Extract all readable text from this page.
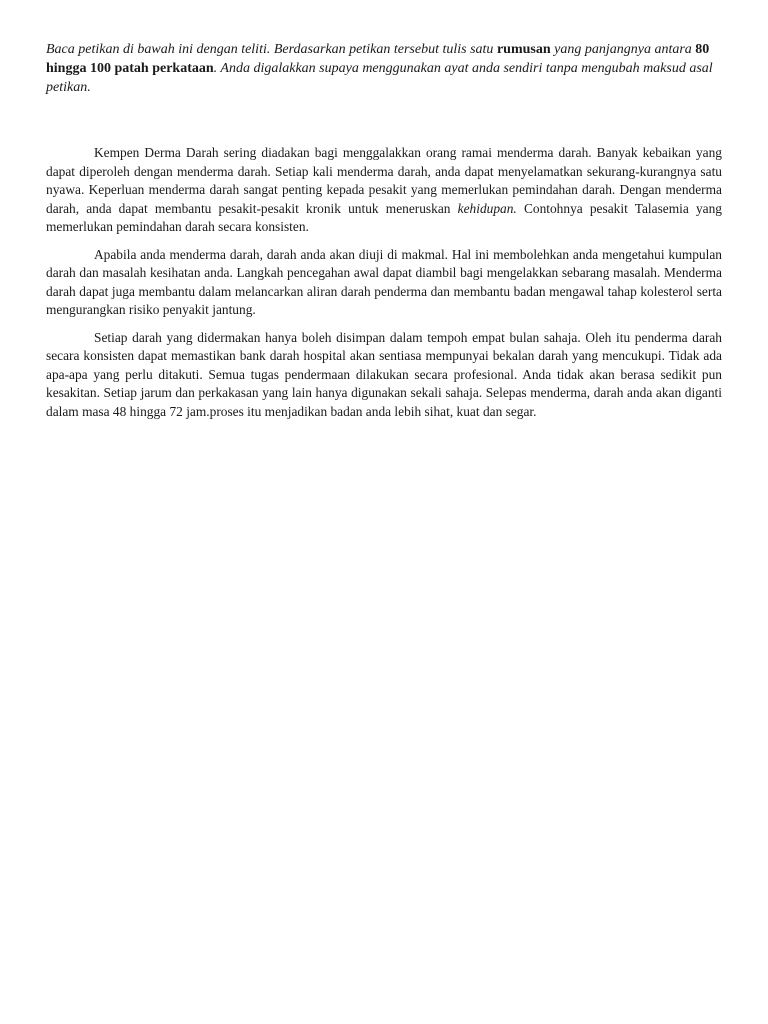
Baca petikan di bawah ini dengan teliti. Berdasarkan petikan tersebut tulis satu rumusan yang panjangnya antara 80 hingga 100 patah perkataan. Anda digalakkan supaya menggunakan ayat anda sendiri tanpa mengubah maksud asal petikan.

Kempen Derma Darah sering diadakan bagi menggalakkan orang ramai menderma darah. Banyak kebaikan yang dapat diperoleh dengan menderma darah. Setiap kali menderma darah, anda dapat menyelamatkan sekurang-kurangnya satu nyawa. Keperluan menderma darah sangat penting kepada pesakit yang memerlukan pemindahan darah. Dengan menderma darah, anda dapat membantu pesakit-pesakit kronik untuk meneruskan kehidupan. Contohnya pesakit Talasemia yang memerlukan pemindahan darah secara konsisten.

Apabila anda menderma darah, darah anda akan diuji di makmal. Hal ini membolehkan anda mengetahui kumpulan darah dan masalah kesihatan anda. Langkah pencegahan awal dapat diambil bagi mengelakkan sebarang masalah. Menderma darah dapat juga membantu dalam melancarkan aliran darah penderma dan membantu badan mengawal tahap kolesterol serta mengurangkan risiko penyakit jantung.

Setiap darah yang didermakan hanya boleh disimpan dalam tempoh empat bulan sahaja. Oleh itu penderma darah secara konsisten dapat memastikan bank darah hospital akan sentiasa mempunyai bekalan darah yang mencukupi. Tidak ada apa-apa yang perlu ditakuti. Semua tugas pendermaan dilakukan secara profesional. Anda tidak akan berasa sedikit pun kesakitan. Setiap jarum dan perkakasan yang lain hanya digunakan sekali sahaja. Selepas menderma, darah anda akan diganti dalam masa 48 hingga 72 jam.proses itu menjadikan badan anda lebih sihat, kuat dan segar.
